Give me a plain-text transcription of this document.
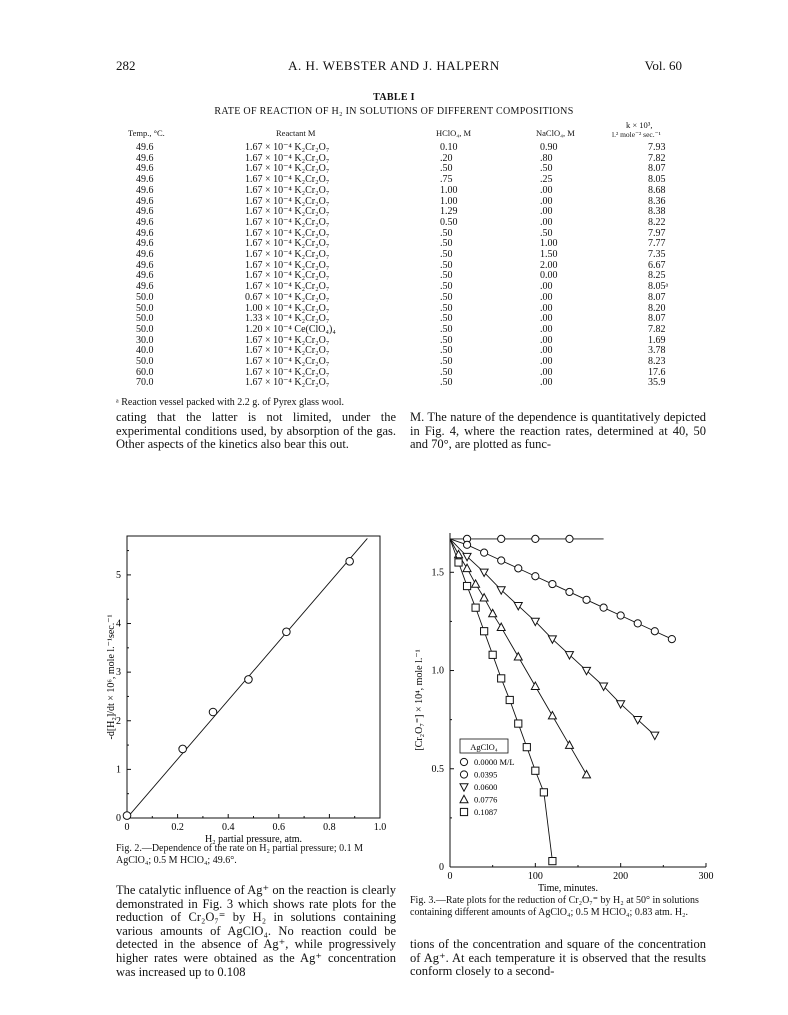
282	A. H. WEBSTER AND J. HALPERN	Vol. 60
TABLE I
RATE OF REACTION OF H₂ IN SOLUTIONS OF DIFFERENT COMPOSITIONS
Temp., °C.	Reactant M	HClO₄, M	NaClO₄, M
k × 10³,
l.² mole⁻² sec.⁻¹
49.6	1.67 × 10⁻⁴ K₂Cr₂O₇	0.10	0.90	7.93
49.6	1.67 × 10⁻⁴ K₂Cr₂O₇	.20	.80	7.82
49.6	1.67 × 10⁻⁴ K₂Cr₂O₇	.50	.50	8.07
49.6	1.67 × 10⁻⁴ K₂Cr₂O₇	.75	.25	8.05
49.6	1.67 × 10⁻⁴ K₂Cr₂O₇	1.00	.00	8.68
49.6	1.67 × 10⁻⁴ K₂Cr₂O₇	1.00	.00	8.36
49.6	1.67 × 10⁻⁴ K₂Cr₂O₇	1.29	.00	8.38
49.6	1.67 × 10⁻⁴ K₂Cr₂O₇	0.50	.00	8.22
49.6	1.67 × 10⁻⁴ K₂Cr₂O₇	.50	.50	7.97
49.6	1.67 × 10⁻⁴ K₂Cr₂O₇	.50	1.00	7.77
49.6	1.67 × 10⁻⁴ K₂Cr₂O₇	.50	1.50	7.35
49.6	1.67 × 10⁻⁴ K₂Cr₂O₇	.50	2.00	6.67
49.6	1.67 × 10⁻⁴ K₂Cr₂O₇	.50	0.00	8.25
49.6	1.67 × 10⁻⁴ K₂Cr₂O₇	.50	.00	8.05ᵃ
50.0	0.67 × 10⁻⁴ K₂Cr₂O₇	.50	.00	8.07
50.0	1.00 × 10⁻⁴ K₂Cr₂O₇	.50	.00	8.20
50.0	1.33 × 10⁻⁴ K₂Cr₂O₇	.50	.00	8.07
50.0	1.20 × 10⁻⁴ Ce(ClO₄)₄	.50	.00	7.82
30.0	1.67 × 10⁻⁴ K₂Cr₂O₇	.50	.00	1.69
40.0	1.67 × 10⁻⁴ K₂Cr₂O₇	.50	.00	3.78
50.0	1.67 × 10⁻⁴ K₂Cr₂O₇	.50	.00	8.23
60.0	1.67 × 10⁻⁴ K₂Cr₂O₇	.50	.00	17.6
70.0	1.67 × 10⁻⁴ K₂Cr₂O₇	.50	.00	35.9
ᵃ Reaction vessel packed with 2.2 g. of Pyrex glass wool.
cating that the latter is not limited, under the experimental conditions used, by absorption of the gas. Other aspects of the kinetics also bear this out.
M. The nature of the dependence is quantitatively depicted in Fig. 4, where the reaction rates, determined at 40, 50 and 70°, are plotted as func-
0	0.2	0.4	0.6	0.8	1.0
0
1
2
3
4
5
H₂ partial pressure, atm.
-d[H₂]/dt × 10⁶, mole l.⁻¹sec.⁻¹
Fig. 2.—Dependence of the rate on H₂ partial pressure; 0.1 M AgClO₄; 0.5 M HClO₄; 49.6°.
0	100	200	300
0
0.5
1.0
1.5
AgClO₄
0.0000 M/L
0.0395
0.0600
0.0776
0.1087
Time, minutes.
[Cr₂O₇⁼] × 10⁴, mole l.⁻¹
Fig. 3.—Rate plots for the reduction of Cr₂O₇⁼ by H₂ at 50° in solutions containing different amounts of AgClO₄; 0.5 M HClO₄; 0.83 atm. H₂.
The catalytic influence of Ag⁺ on the reaction is clearly demonstrated in Fig. 3 which shows rate plots for the reduction of Cr₂O₇⁼ by H₂ in solutions containing various amounts of AgClO₄. No reaction could be detected in the absence of Ag⁺, while progressively higher rates were obtained as the Ag⁺ concentration was increased up to 0.108
tions of the concentration and square of the concentration of Ag⁺. At each temperature it is observed that the results conform closely to a second-
